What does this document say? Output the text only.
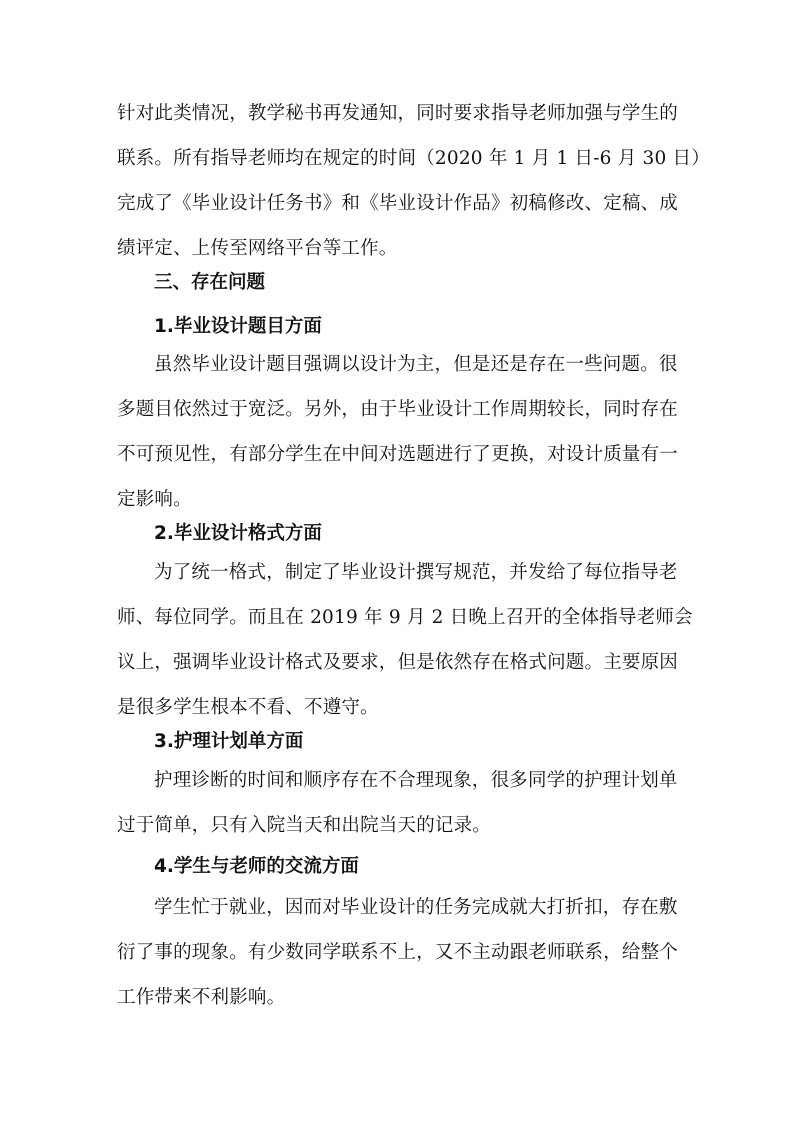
针对此类情况，教学秘书再发通知，同时要求指导老师加强与学生的
联系。所有指导老师均在规定的时间（2020 年 1 月 1 日-6 月 30 日）
完成了《毕业设计任务书》和《毕业设计作品》初稿修改、定稿、成
绩评定、上传至网络平台等工作。
三、存在问题
1.毕业设计题目方面
虽然毕业设计题目强调以设计为主，但是还是存在一些问题。很
多题目依然过于宽泛。另外，由于毕业设计工作周期较长，同时存在
不可预见性，有部分学生在中间对选题进行了更换，对设计质量有一
定影响。
2.毕业设计格式方面
为了统一格式，制定了毕业设计撰写规范，并发给了每位指导老
师、每位同学。而且在 2019 年 9 月 2 日晚上召开的全体指导老师会
议上，强调毕业设计格式及要求，但是依然存在格式问题。主要原因
是很多学生根本不看、不遵守。
3.护理计划单方面
护理诊断的时间和顺序存在不合理现象，很多同学的护理计划单
过于简单，只有入院当天和出院当天的记录。
4.学生与老师的交流方面
学生忙于就业，因而对毕业设计的任务完成就大打折扣，存在敷
衍了事的现象。有少数同学联系不上，又不主动跟老师联系，给整个
工作带来不利影响。
